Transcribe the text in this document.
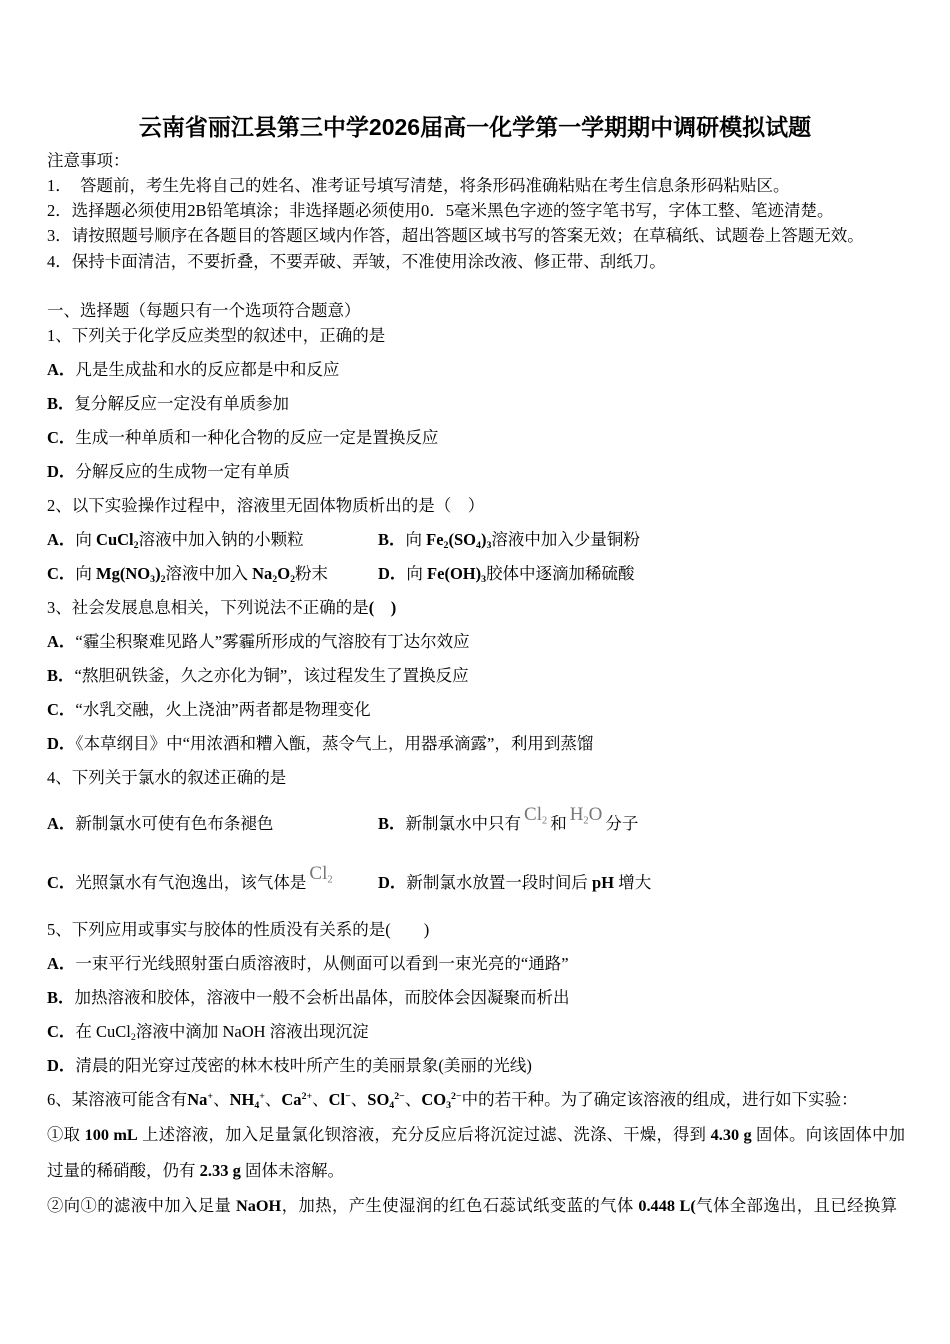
云南省丽江县第三中学2026届高一化学第一学期期中调研模拟试题
注意事项：
1．　答题前，考生先将自己的姓名、准考证号填写清楚，将条形码准确粘贴在考生信息条形码粘贴区。
2．选择题必须使用2B铅笔填涂；非选择题必须使用0．5毫米黑色字迹的签字笔书写，字体工整、笔迹清楚。
3．请按照题号顺序在各题目的答题区域内作答，超出答题区域书写的答案无效；在草稿纸、试题卷上答题无效。
4．保持卡面清洁，不要折叠，不要弄破、弄皱，不准使用涂改液、修正带、刮纸刀。
一、选择题（每题只有一个选项符合题意）
1、下列关于化学反应类型的叙述中，正确的是
A．凡是生成盐和水的反应都是中和反应
B．复分解反应一定没有单质参加
C．生成一种单质和一种化合物的反应一定是置换反应
D．分解反应的生成物一定有单质
2、以下实验操作过程中，溶液里无固体物质析出的是（　）
A．向 CuCl$_2$溶液中加入钠的小颗粒	B．向 $Fe_2(SO_4)_3$溶液中加入少量铜粉
C．向 $Mg(NO_3)_2$溶液中加入 $Na_2O_2$粉末	D．向 $Fe(OH)_3$胶体中逐滴加稀硫酸
3、社会发展息息相关，下列说法不正确的是(　)
A．“霾尘积聚难见路人”雾霾所形成的气溶胶有丁达尔效应
B．“熬胆矾铁釜，久之亦化为铜”，该过程发生了置换反应
C．“水乳交融，火上浇油”两者都是物理变化
D．《本草纲目》中“用浓酒和糟入甑，蒸令气上，用器承滴露”，利用到蒸馏
4、下列关于氯水的叙述正确的是
A．新制氯水可使有色布条褪色	B．新制氯水中只有 $Cl_2$ 和 $H_2O$ 分子
C．光照氯水有气泡逸出，该气体是 $Cl_2$	D．新制氯水放置一段时间后 pH 增大
5、下列应用或事实与胶体的性质没有关系的是(　　)
A．一束平行光线照射蛋白质溶液时，从侧面可以看到一束光亮的“通路”
B．加热溶液和胶体，溶液中一般不会析出晶体，而胶体会因凝聚而析出
C．在 CuCl$_2$溶液中滴加 NaOH 溶液出现沉淀
D．清晨的阳光穿过茂密的林木枝叶所产生的美丽景象(美丽的光线)
6、某溶液可能含有Na+、$NH_4^+$、$Ca^{2+}$、Cl−、$SO_4^{2-}$、$CO_3^{2-}$中的若干种。为了确定该溶液的组成，进行如下实验：
①取 100 mL 上述溶液，加入足量氯化钡溶液，充分反应后将沉淀过滤、洗涤、干燥，得到 4.30 g 固体。向该固体中加
过量的稀硝酸，仍有 2.33 g 固体未溶解。
②向①的滤液中加入足量 NaOH，加热，产生使湿润的红色石蕊试纸变蓝的气体 0.448 L(气体全部逸出，且已经换算
